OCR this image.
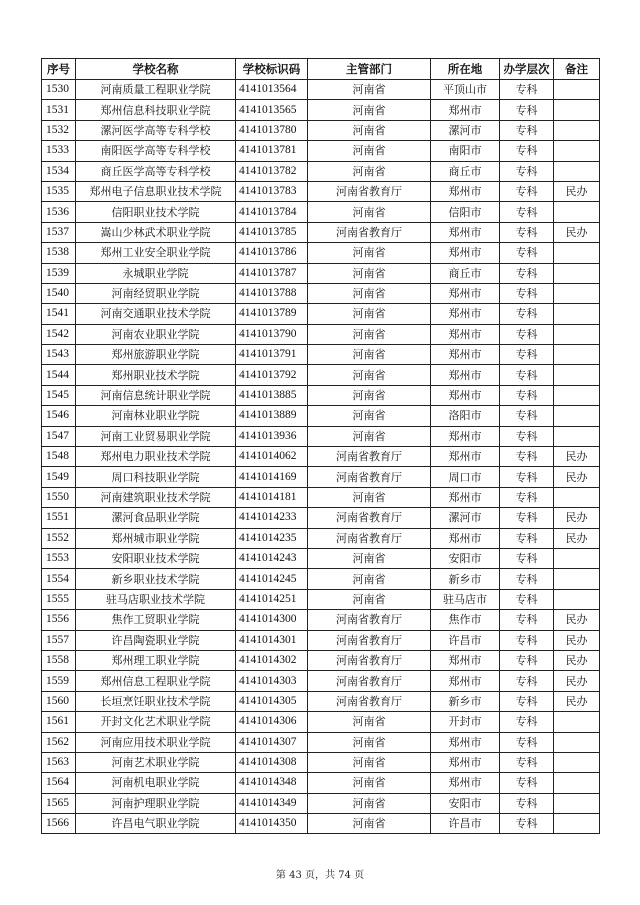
序号	学校名称	学校标识码	主管部门	所在地	办学层次	备注
1530	河南质量工程职业学院	4141013564	河南省	平顶山市	专科	
1531	郑州信息科技职业学院	4141013565	河南省	郑州市	专科	
1532	漯河医学高等专科学校	4141013780	河南省	漯河市	专科	
1533	南阳医学高等专科学校	4141013781	河南省	南阳市	专科	
1534	商丘医学高等专科学校	4141013782	河南省	商丘市	专科	
1535	郑州电子信息职业技术学院	4141013783	河南省教育厅	郑州市	专科	民办
1536	信阳职业技术学院	4141013784	河南省	信阳市	专科	
1537	嵩山少林武术职业学院	4141013785	河南省教育厅	郑州市	专科	民办
1538	郑州工业安全职业学院	4141013786	河南省	郑州市	专科	
1539	永城职业学院	4141013787	河南省	商丘市	专科	
1540	河南经贸职业学院	4141013788	河南省	郑州市	专科	
1541	河南交通职业技术学院	4141013789	河南省	郑州市	专科	
1542	河南农业职业学院	4141013790	河南省	郑州市	专科	
1543	郑州旅游职业学院	4141013791	河南省	郑州市	专科	
1544	郑州职业技术学院	4141013792	河南省	郑州市	专科	
1545	河南信息统计职业学院	4141013885	河南省	郑州市	专科	
1546	河南林业职业学院	4141013889	河南省	洛阳市	专科	
1547	河南工业贸易职业学院	4141013936	河南省	郑州市	专科	
1548	郑州电力职业技术学院	4141014062	河南省教育厅	郑州市	专科	民办
1549	周口科技职业学院	4141014169	河南省教育厅	周口市	专科	民办
1550	河南建筑职业技术学院	4141014181	河南省	郑州市	专科	
1551	漯河食品职业学院	4141014233	河南省教育厅	漯河市	专科	民办
1552	郑州城市职业学院	4141014235	河南省教育厅	郑州市	专科	民办
1553	安阳职业技术学院	4141014243	河南省	安阳市	专科	
1554	新乡职业技术学院	4141014245	河南省	新乡市	专科	
1555	驻马店职业技术学院	4141014251	河南省	驻马店市	专科	
1556	焦作工贸职业学院	4141014300	河南省教育厅	焦作市	专科	民办
1557	许昌陶瓷职业学院	4141014301	河南省教育厅	许昌市	专科	民办
1558	郑州理工职业学院	4141014302	河南省教育厅	郑州市	专科	民办
1559	郑州信息工程职业学院	4141014303	河南省教育厅	郑州市	专科	民办
1560	长垣烹饪职业技术学院	4141014305	河南省教育厅	新乡市	专科	民办
1561	开封文化艺术职业学院	4141014306	河南省	开封市	专科	
1562	河南应用技术职业学院	4141014307	河南省	郑州市	专科	
1563	河南艺术职业学院	4141014308	河南省	郑州市	专科	
1564	河南机电职业学院	4141014348	河南省	郑州市	专科	
1565	河南护理职业学院	4141014349	河南省	安阳市	专科	
1566	许昌电气职业学院	4141014350	河南省	许昌市	专科	
第 43 页，共 74 页
